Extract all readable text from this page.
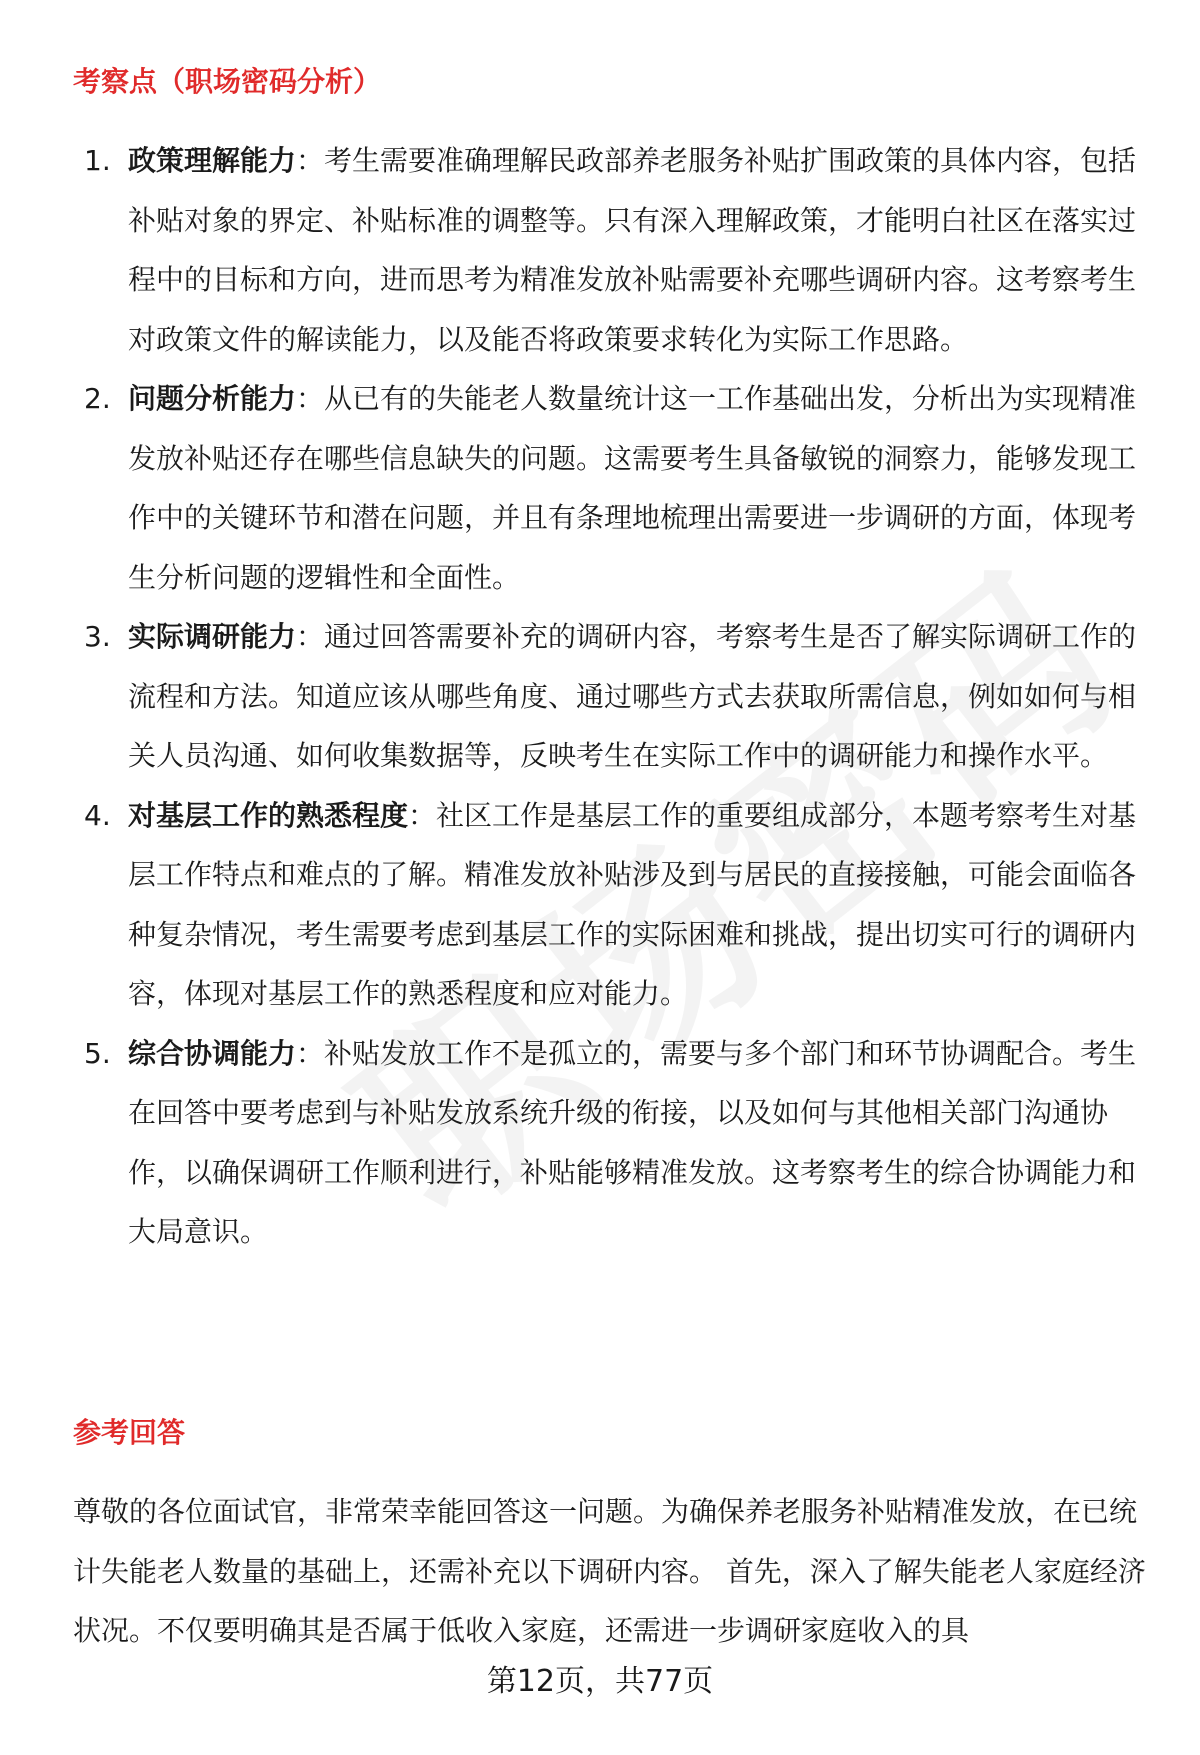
考察点（职场密码分析）
1. 政策理解能力：考生需要准确理解民政部养老服务补贴扩围政策的具体内容，包括补贴对象的界定、补贴标准的调整等。只有深入理解政策，才能明白社区在落实过程中的目标和方向，进而思考为精准发放补贴需要补充哪些调研内容。这考察考生对政策文件的解读能力，以及能否将政策要求转化为实际工作思路。
2. 问题分析能力：从已有的失能老人数量统计这一工作基础出发，分析出为实现精准发放补贴还存在哪些信息缺失的问题。这需要考生具备敏锐的洞察力，能够发现工作中的关键环节和潜在问题，并且有条理地梳理出需要进一步调研的方面，体现考生分析问题的逻辑性和全面性。
3. 实际调研能力：通过回答需要补充的调研内容，考察考生是否了解实际调研工作的流程和方法。知道应该从哪些角度、通过哪些方式去获取所需信息，例如如何与相关人员沟通、如何收集数据等，反映考生在实际工作中的调研能力和操作水平。
4. 对基层工作的熟悉程度：社区工作是基层工作的重要组成部分，本题考察考生对基层工作特点和难点的了解。精准发放补贴涉及到与居民的直接接触，可能会面临各种复杂情况，考生需要考虑到基层工作的实际困难和挑战，提出切实可行的调研内容，体现对基层工作的熟悉程度和应对能力。
5. 综合协调能力：补贴发放工作不是孤立的，需要与多个部门和环节协调配合。考生在回答中要考虑到与补贴发放系统升级的衔接，以及如何与其他相关部门沟通协作，以确保调研工作顺利进行，补贴能够精准发放。这考察考生的综合协调能力和大局意识。
参考回答

尊敬的各位面试官，非常荣幸能回答这一问题。为确保养老服务补贴精准发放，在已统计失能老人数量的基础上，还需补充以下调研内容。 首先，深入了解失能老人家庭经济状况。不仅要明确其是否属于低收入家庭，还需进一步调研家庭收入的具

第12页，共77页
